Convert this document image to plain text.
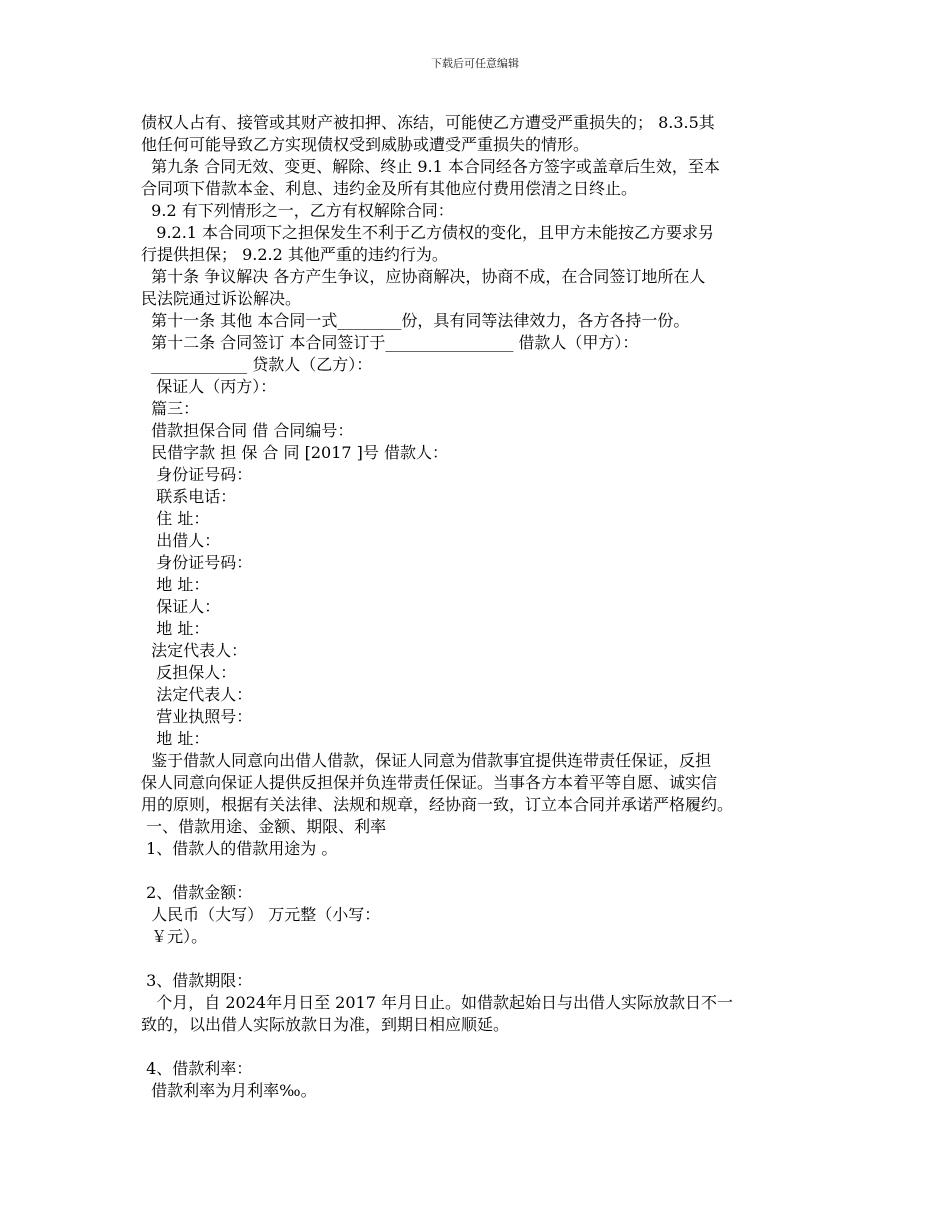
下载后可任意编辑
债权人占有、接管或其财产被扣押、冻结，可能使乙方遭受严重损失的； 8.3.5其
他任何可能导致乙方实现债权受到威胁或遭受严重损失的情形。
第九条 合同无效、变更、解除、终止 9.1 本合同经各方签字或盖章后生效，至本
合同项下借款本金、利息、违约金及所有其他应付费用偿清之日终止。
9.2 有下列情形之一，乙方有权解除合同：
9.2.1 本合同项下之担保发生不利于乙方债权的变化，且甲方未能按乙方要求另
行提供担保； 9.2.2 其他严重的违约行为。
第十条 争议解决 各方产生争议，应协商解决，协商不成，在合同签订地所在人
民法院通过诉讼解决。
第十一条 其他 本合同一式________份，具有同等法律效力，各方各持一份。
第十二条 合同签订 本合同签订于________________ 借款人（甲方）：
____________ 贷款人（乙方）：
保证人（丙方）：
篇三：
借款担保合同 借 合同编号：
民借字款 担 保 合 同 [2017 ]号 借款人：
身份证号码：
联系电话：
住 址：
出借人：
身份证号码：
地 址：
保证人：
地 址：
法定代表人：
反担保人：
法定代表人：
营业执照号：
地 址：
鉴于借款人同意向出借人借款，保证人同意为借款事宜提供连带责任保证，反担
保人同意向保证人提供反担保并负连带责任保证。当事各方本着平等自愿、诚实信
用的原则，根据有关法律、法规和规章，经协商一致，订立本合同并承诺严格履约。
一、借款用途、金额、期限、利率
1、借款人的借款用途为 。
2、借款金额：
人民币（大写） 万元整（小写：
￥元）。
3、借款期限：
个月，自 2024年月日至 2017 年月日止。如借款起始日与出借人实际放款日不一
致的，以出借人实际放款日为准，到期日相应顺延。
4、借款利率：
借款利率为月利率‰。
